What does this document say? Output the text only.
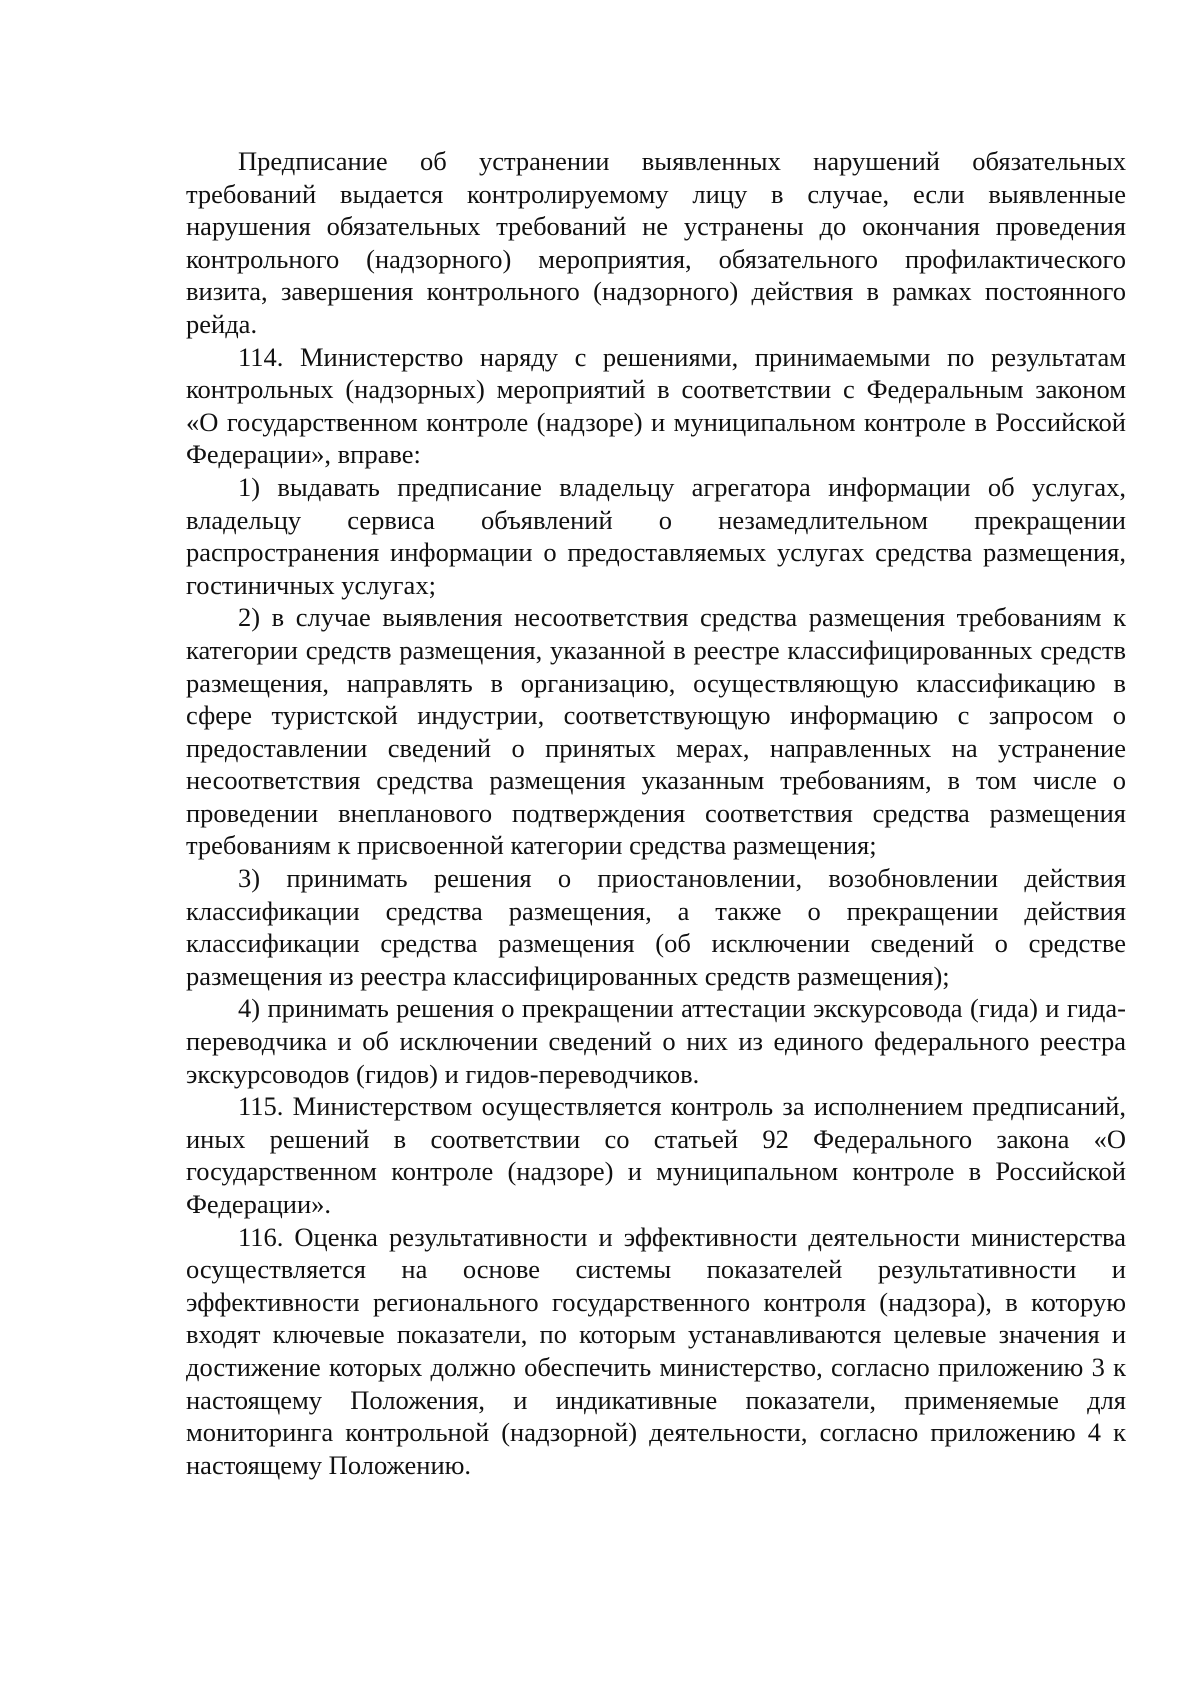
Предписание об устранении выявленных нарушений обязательных требований выдается контролируемому лицу в случае, если выявленные нарушения обязательных требований не устранены до окончания проведения контрольного (надзорного) мероприятия, обязательного профилактического визита, завершения контрольного (надзорного) действия в рамках постоянного рейда.

114. Министерство наряду с решениями, принимаемыми по результатам контрольных (надзорных) мероприятий в соответствии с Федеральным законом «О государственном контроле (надзоре) и муниципальном контроле в Российской Федерации», вправе:

1) выдавать предписание владельцу агрегатора информации об услугах, владельцу сервиса объявлений о незамедлительном прекращении распространения информации о предоставляемых услугах средства размещения, гостиничных услугах;

2) в случае выявления несоответствия средства размещения требованиям к категории средств размещения, указанной в реестре классифицированных средств размещения, направлять в организацию, осуществляющую классификацию в сфере туристской индустрии, соответствующую информацию с запросом о предоставлении сведений о принятых мерах, направленных на устранение несоответствия средства размещения указанным требованиям, в том числе о проведении внепланового подтверждения соответствия средства размещения требованиям к присвоенной категории средства размещения;

3) принимать решения о приостановлении, возобновлении действия классификации средства размещения, а также о прекращении действия классификации средства размещения (об исключении сведений о средстве размещения из реестра классифицированных средств размещения);

4) принимать решения о прекращении аттестации экскурсовода (гида) и гида-переводчика и об исключении сведений о них из единого федерального реестра экскурсоводов (гидов) и гидов-переводчиков.

115. Министерством осуществляется контроль за исполнением предписаний, иных решений в соответствии со статьей 92 Федерального закона «О государственном контроле (надзоре) и муниципальном контроле в Российской Федерации».

116. Оценка результативности и эффективности деятельности министерства осуществляется на основе системы показателей результативности и эффективности регионального государственного контроля (надзора), в которую входят ключевые показатели, по которым устанавливаются целевые значения и достижение которых должно обеспечить министерство, согласно приложению 3 к настоящему Положения, и индикативные показатели, применяемые для мониторинга контрольной (надзорной) деятельности, согласно приложению 4 к настоящему Положению.
